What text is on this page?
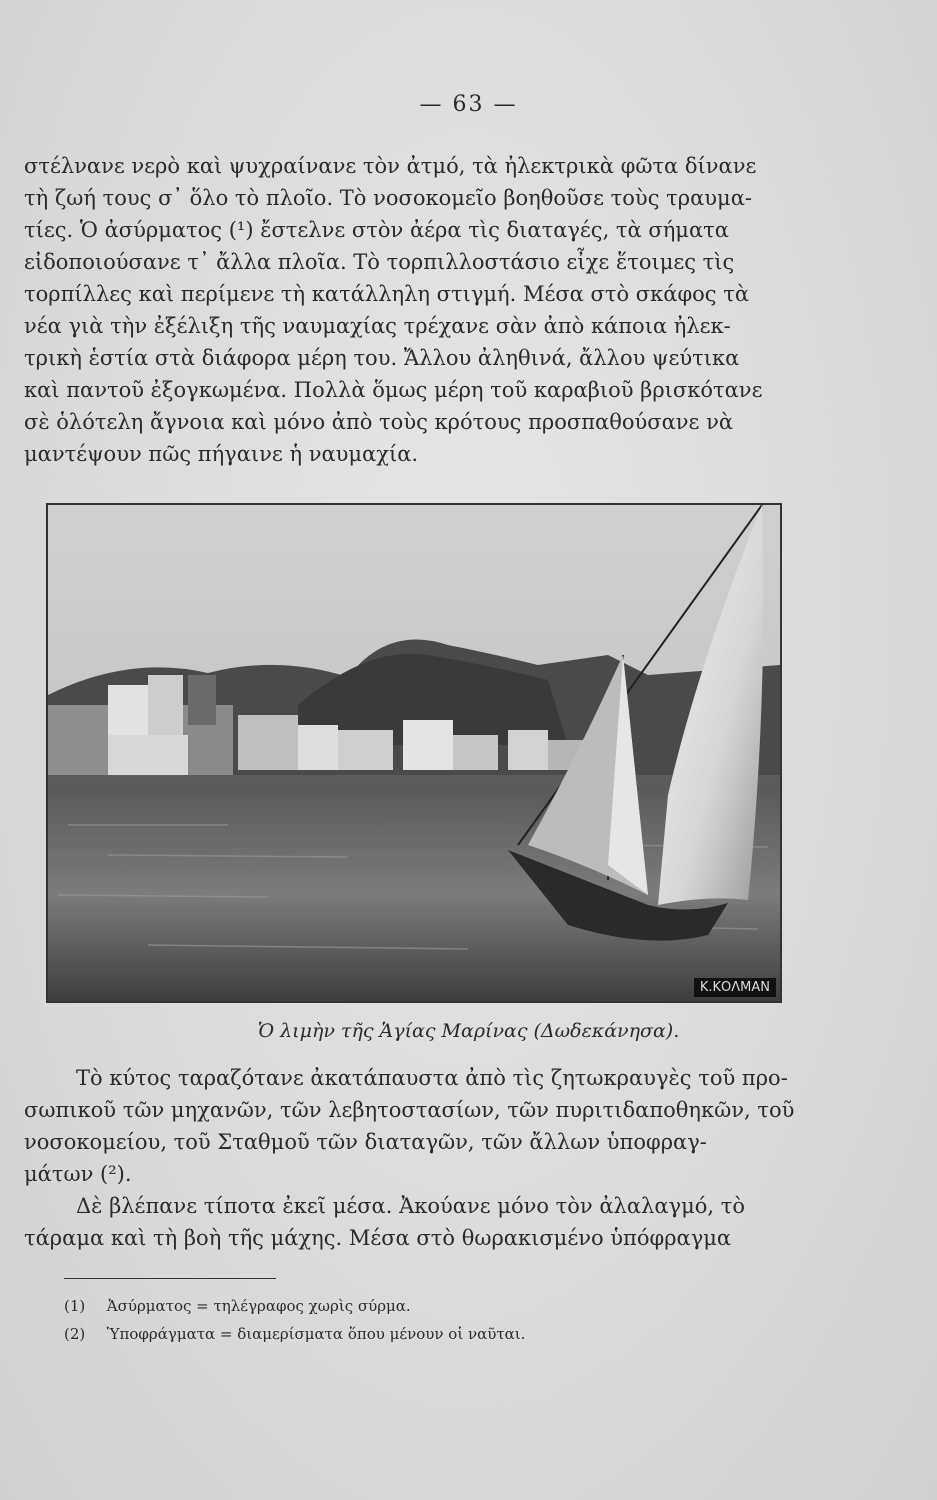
— 63 —
στέλνανε νερὸ καὶ ψυχραίνανε τὸν ἀτμό, τὰ ἠλεκτρικὰ φῶτα δίνανε
τὴ ζωή τους σ᾿ ὅλο τὸ πλοῖο. Τὸ νοσοκομεῖο βοηθοῦσε τοὺς τραυμα-
τίες. Ὁ ἀσύρματος (¹) ἔστελνε στὸν ἀέρα τὶς διαταγές, τὰ σήματα
εἰδοποιούσανε τ᾿ ἄλλα πλοῖα. Τὸ τορπιλλοστάσιο εἶχε ἕτοιμες τὶς
τορπίλλες καὶ περίμενε τὴ κατάλληλη στιγμή. Μέσα στὸ σκάφος τὰ
νέα γιὰ τὴν ἐξέλιξη τῆς ναυμαχίας τρέχανε σὰν ἀπὸ κάποια ἠλεκ-
τρικὴ ἑστία στὰ διάφορα μέρη του. Ἄλλου ἀληθινά, ἄλλου ψεύτικα
καὶ παντοῦ ἐξογκωμένα. Πολλὰ ὅμως μέρη τοῦ καραβιοῦ βρισκότανε
σὲ ὁλότελη ἄγνοια καὶ μόνο ἀπὸ τοὺς κρότους προσπαθούσανε νὰ
μαντέψουν πῶς πήγαινε ἡ ναυμαχία.
Κ.ΚΟΛΜΑΝ
Ὁ λιμὴν τῆς Ἁγίας Μαρίνας (Δωδεκάνησα).
Τὸ κύτος ταραζότανε ἀκατάπαυστα ἀπὸ τὶς ζητωκραυγὲς τοῦ προ-
σωπικοῦ τῶν μηχανῶν, τῶν λεβητοστασίων, τῶν πυριτιδαποθηκῶν, τοῦ
νοσοκομείου, τοῦ Σταθμοῦ τῶν διαταγῶν, τῶν ἄλλων ὑποφραγ-
μάτων (²).
Δὲ βλέπανε τίποτα ἐκεῖ μέσα. Ἀκούανε μόνο τὸν ἀλαλαγμό, τὸ
τάραμα καὶ τὴ βοὴ τῆς μάχης. Μέσα στὸ θωρακισμένο ὑπόφραγμα
(1) Ἀσύρματος = τηλέγραφος χωρὶς σύρμα.
(2) Ὑποφράγματα = διαμερίσματα ὅπου μένουν οἱ ναῦται.
